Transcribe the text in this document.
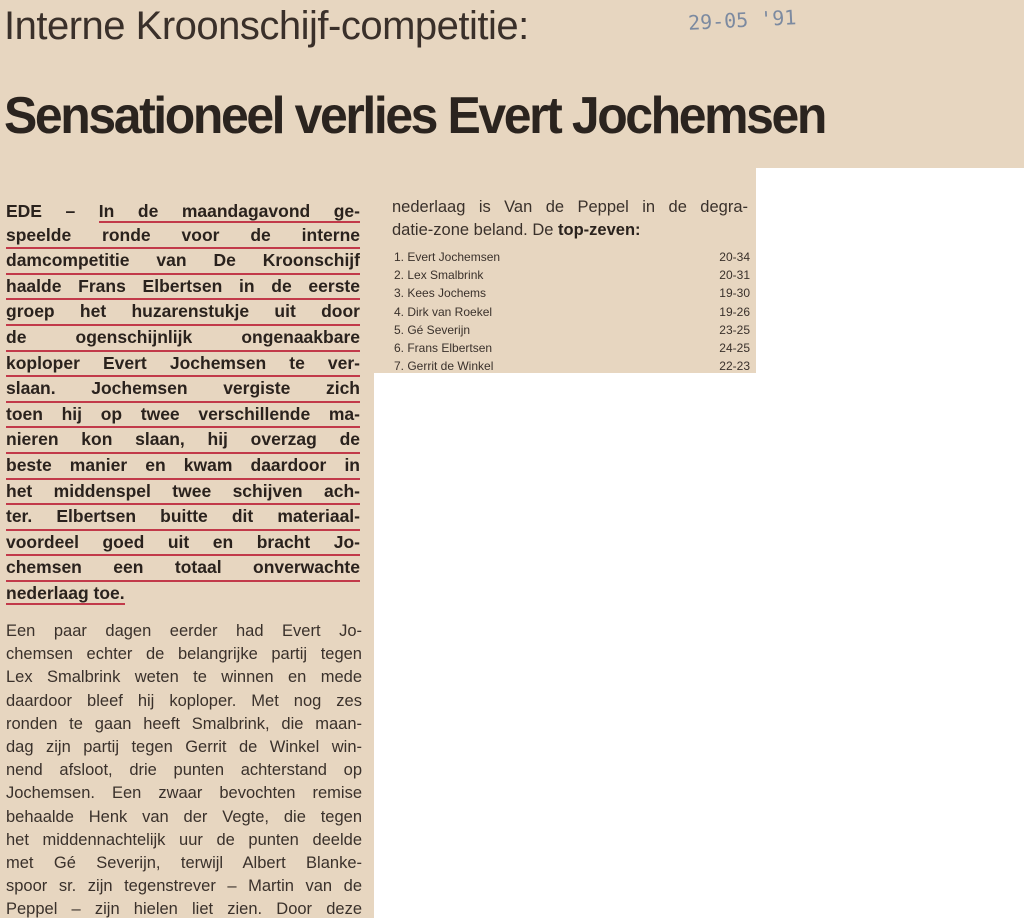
Interne Kroonschijf-competitie:	29-05 '91
Sensationeel verlies Evert Jochemsen
EDE – In de maandagavond ge-
speelde ronde voor de interne
damcompetitie van De Kroonschijf
haalde Frans Elbertsen in de eerste
groep het huzarenstukje uit door
de ogenschijnlijk ongenaakbare
koploper Evert Jochemsen te ver-
slaan. Jochemsen vergiste zich
toen hij op twee verschillende ma-
nieren kon slaan, hij overzag de
beste manier en kwam daardoor in
het middenspel twee schijven ach-
ter. Elbertsen buitte dit materiaal-
voordeel goed uit en bracht Jo-
chemsen een totaal onverwachte
nederlaag toe.
Een paar dagen eerder had Evert Jo-
chemsen echter de belangrijke partij tegen
Lex Smalbrink weten te winnen en mede
daardoor bleef hij koploper. Met nog zes
ronden te gaan heeft Smalbrink, die maan-
dag zijn partij tegen Gerrit de Winkel win-
nend afsloot, drie punten achterstand op
Jochemsen. Een zwaar bevochten remise
behaalde Henk van der Vegte, die tegen
het middennachtelijk uur de punten deelde
met Gé Severijn, terwijl Albert Blanke-
spoor sr. zijn tegenstrever – Martin van de
Peppel – zijn hielen liet zien. Door deze
nederlaag is Van de Peppel in de degra-
datie-zone beland. De top-zeven:
1. Evert Jochemsen	20-34
2. Lex Smalbrink	20-31
3. Kees Jochems	19-30
4. Dirk van Roekel	19-26
5. Gé Severijn	23-25
6. Frans Elbertsen	24-25
7. Gerrit de Winkel	22-23
